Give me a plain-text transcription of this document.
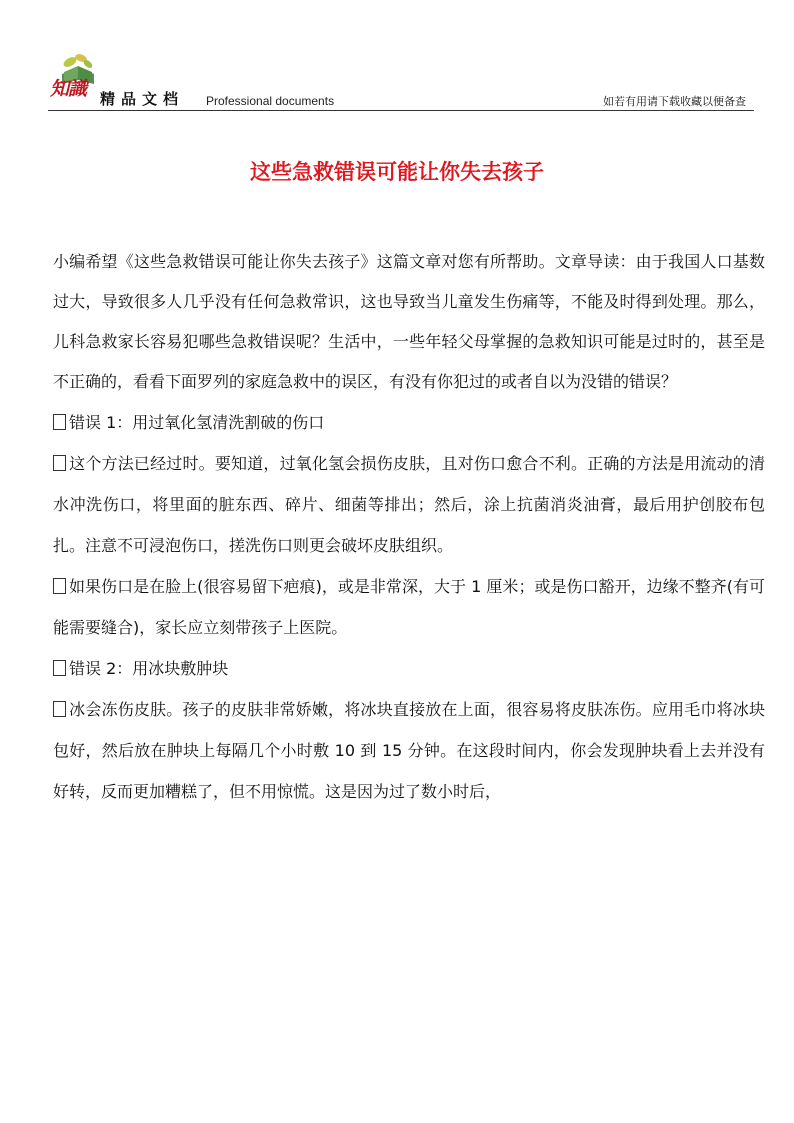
知識 精品文档 Professional documents	如若有用请下载收藏以便备查
这些急救错误可能让你失去孩子

小编希望《这些急救错误可能让你失去孩子》这篇文章对您有所帮助。文章导读：由于我国人口基数过大，导致很多人几乎没有任何急救常识，这也导致当儿童发生伤痛等，不能及时得到处理。那么，儿科急救家长容易犯哪些急救错误呢？生活中，一些年轻父母掌握的急救知识可能是过时的，甚至是不正确的，看看下面罗列的家庭急救中的误区，有没有你犯过的或者自以为没错的错误？

错误 1：用过氧化氢清洗割破的伤口

这个方法已经过时。要知道，过氧化氢会损伤皮肤，且对伤口愈合不利。正确的方法是用流动的清水冲洗伤口，将里面的脏东西、碎片、细菌等排出；然后，涂上抗菌消炎油膏，最后用护创胶布包扎。注意不可浸泡伤口，搓洗伤口则更会破坏皮肤组织。

如果伤口是在脸上(很容易留下疤痕)，或是非常深，大于 1 厘米；或是伤口豁开，边缘不整齐(有可能需要缝合)，家长应立刻带孩子上医院。

错误 2：用冰块敷肿块

冰会冻伤皮肤。孩子的皮肤非常娇嫩，将冰块直接放在上面，很容易将皮肤冻伤。应用毛巾将冰块包好，然后放在肿块上每隔几个小时敷 10 到 15 分钟。在这段时间内，你会发现肿块看上去并没有好转，反而更加糟糕了，但不用惊慌。这是因为过了数小时后，
